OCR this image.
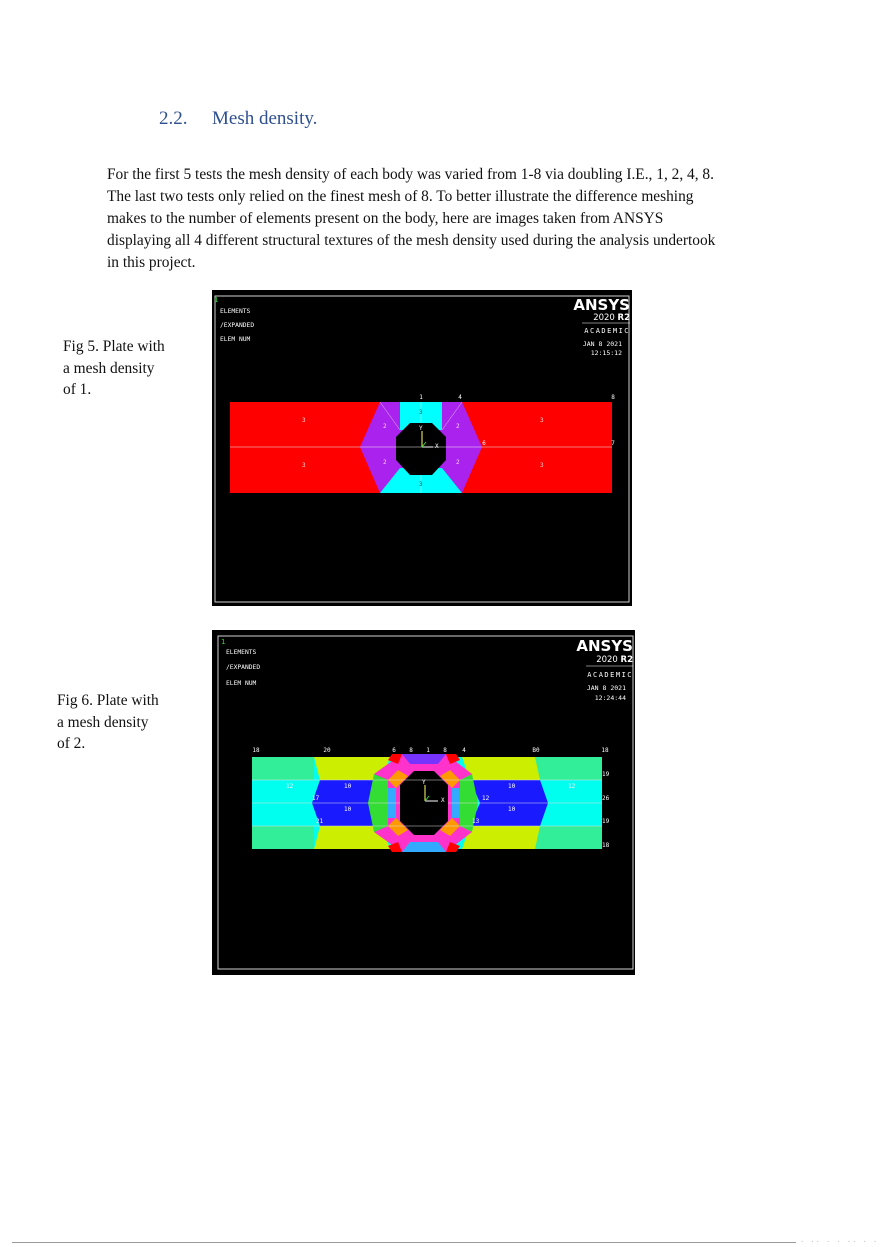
2.2. Mesh density.
For the first 5 tests the mesh density of each body was varied from 1-8 via doubling I.E., 1, 2, 4, 8.
The last two tests only relied on the finest mesh of 8. To better illustrate the difference meshing
makes to the number of elements present on the body, here are images taken from ANSYS
displaying all 4 different structural textures of the mesh density used during the analysis undertook
in this project.
Fig 5. Plate with
a mesh density
of 1.
1
ELEMENTS
/EXPANDED
ELEM NUM
ANSYS
2020 R2
ACADEMIC
JAN 8 2021
12:15:12
1	4	8
6	7
3
3
2
2
3
3
2
2
3
3
Y
X
Fig 6. Plate with
a mesh density
of 2.
1
ELEMENTS
/EXPANDED
ELEM NUM
ANSYS
2020 R2
ACADEMIC
JAN 8 2021
12:24:44
18	20	6 8 1 8	4	B0	18
19
26
19
18
17
21
10
10
12	10
10
12
13
12
Y
X
· ·· · · ·· · ·
